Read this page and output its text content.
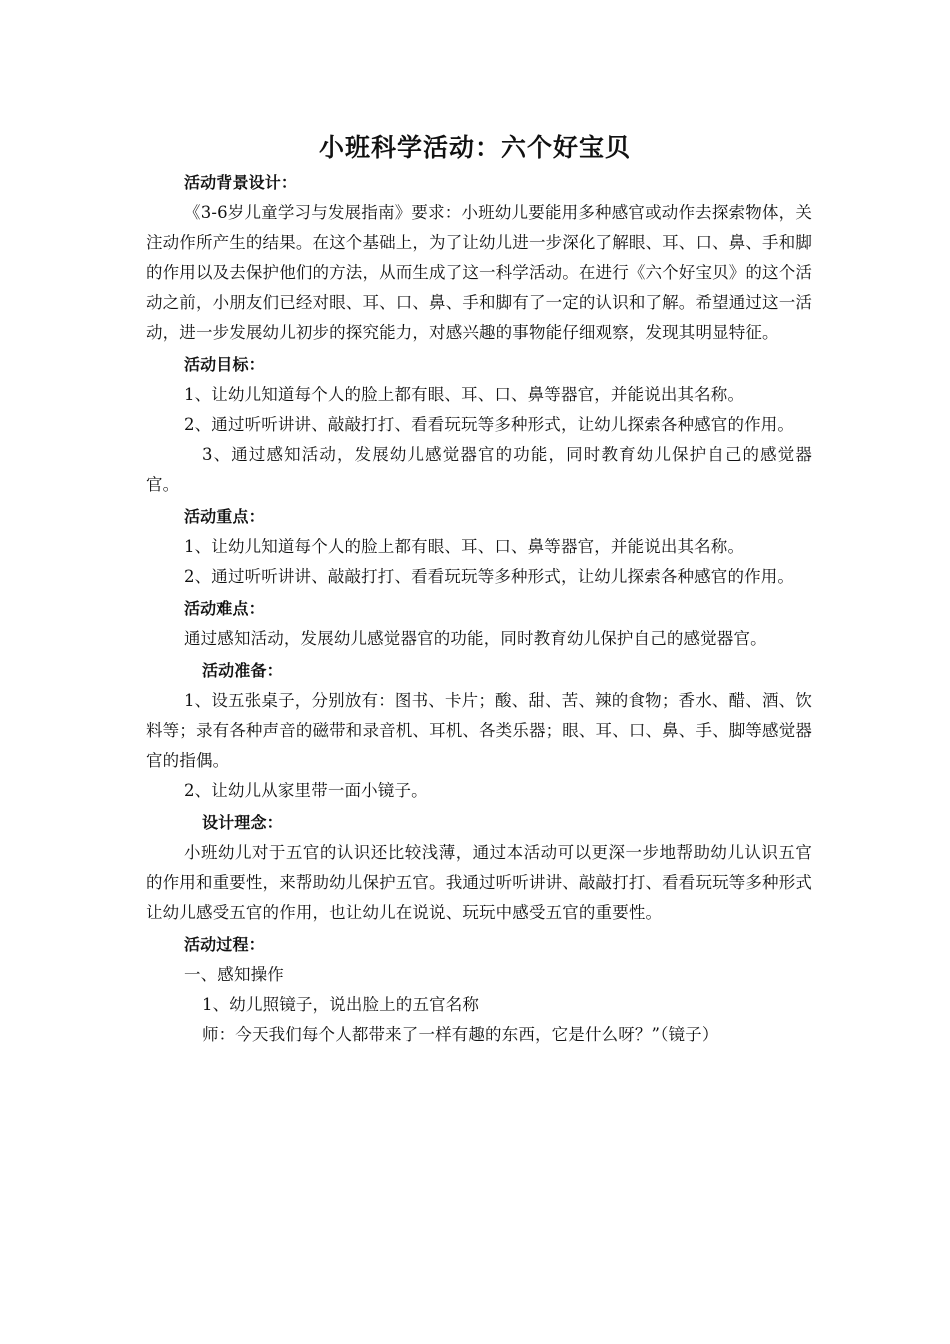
小班科学活动：六个好宝贝

活动背景设计：

《3-6岁儿童学习与发展指南》要求：小班幼儿要能用多种感官或动作去探索物体，关注动作所产生的结果。在这个基础上，为了让幼儿进一步深化了解眼、耳、口、鼻、手和脚的作用以及去保护他们的方法，从而生成了这一科学活动。在进行《六个好宝贝》的这个活动之前，小朋友们已经对眼、耳、口、鼻、手和脚有了一定的认识和了解。希望通过这一活动，进一步发展幼儿初步的探究能力，对感兴趣的事物能仔细观察，发现其明显特征。

活动目标：

1、让幼儿知道每个人的脸上都有眼、耳、口、鼻等器官，并能说出其名称。

2、通过听听讲讲、敲敲打打、看看玩玩等多种形式，让幼儿探索各种感官的作用。

3、通过感知活动，发展幼儿感觉器官的功能，同时教育幼儿保护自己的感觉器官。

活动重点：

1、让幼儿知道每个人的脸上都有眼、耳、口、鼻等器官，并能说出其名称。

2、通过听听讲讲、敲敲打打、看看玩玩等多种形式，让幼儿探索各种感官的作用。

活动难点：

通过感知活动，发展幼儿感觉器官的功能，同时教育幼儿保护自己的感觉器官。

活动准备：

1、设五张桌子，分别放有：图书、卡片；酸、甜、苦、辣的食物；香水、醋、酒、饮料等；录有各种声音的磁带和录音机、耳机、各类乐器；眼、耳、口、鼻、手、脚等感觉器官的指偶。

2、让幼儿从家里带一面小镜子。

设计理念：

小班幼儿对于五官的认识还比较浅薄，通过本活动可以更深一步地帮助幼儿认识五官的作用和重要性，来帮助幼儿保护五官。我通过听听讲讲、敲敲打打、看看玩玩等多种形式让幼儿感受五官的作用，也让幼儿在说说、玩玩中感受五官的重要性。

活动过程：

一、感知操作

1、幼儿照镜子，说出脸上的五官名称

师：今天我们每个人都带来了一样有趣的东西，它是什么呀？”（镜子）
